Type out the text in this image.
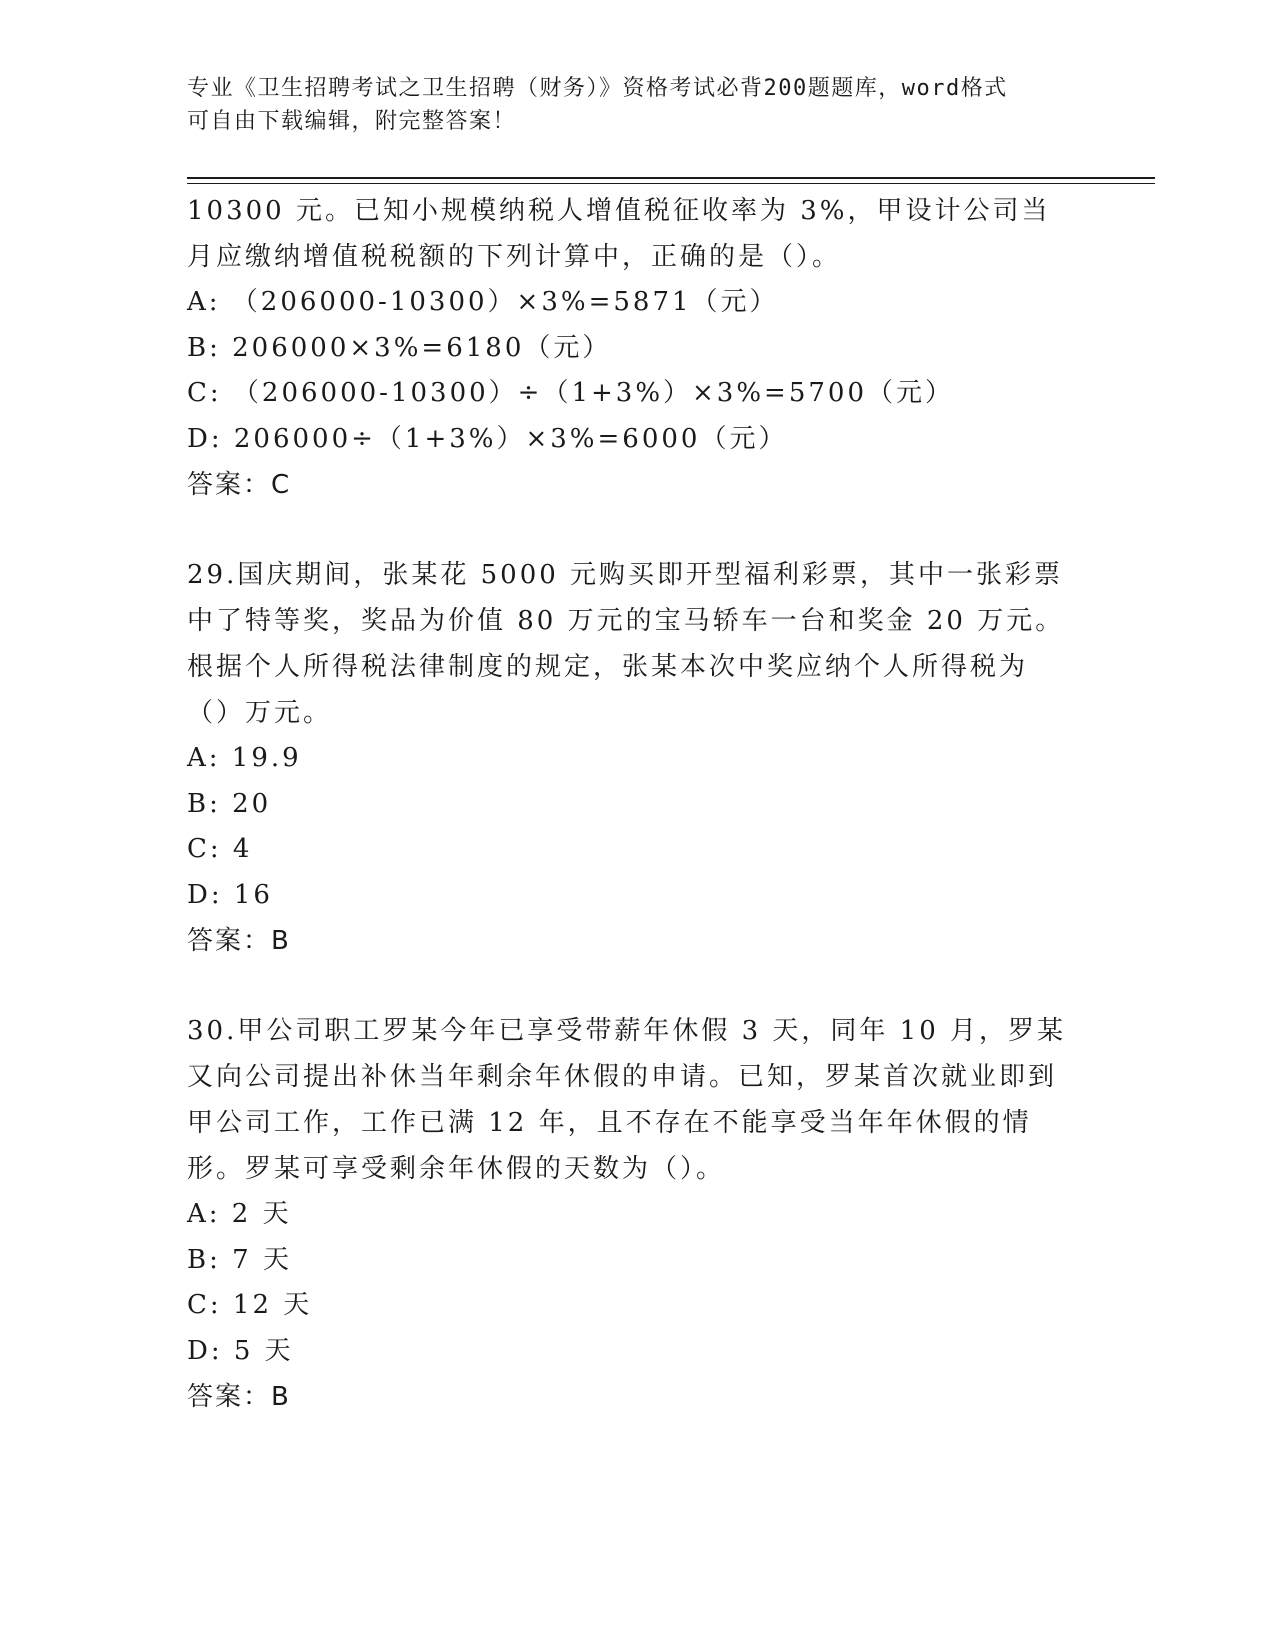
专业《卫生招聘考试之卫生招聘（财务）》资格考试必背200题题库，word格式
可自由下载编辑，附完整答案！

10300 元。已知小规模纳税人增值税征收率为 3%，甲设计公司当月应缴纳增值税税额的下列计算中，正确的是（）。

A: （206000-10300）×3%=5871（元）

B: 206000×3%=6180（元）

C: （206000-10300）÷（1+3%）×3%=5700（元）

D: 206000÷（1+3%）×3%=6000（元）

答案：C

29.国庆期间，张某花 5000 元购买即开型福利彩票，其中一张彩票中了特等奖，奖品为价值 80 万元的宝马轿车一台和奖金 20 万元。根据个人所得税法律制度的规定，张某本次中奖应纳个人所得税为（）万元。

A: 19.9

B: 20

C: 4

D: 16

答案：B

30.甲公司职工罗某今年已享受带薪年休假 3 天，同年 10 月，罗某又向公司提出补休当年剩余年休假的申请。已知，罗某首次就业即到甲公司工作，工作已满 12 年，且不存在不能享受当年年休假的情形。罗某可享受剩余年休假的天数为（）。

A: 2 天

B: 7 天

C: 12 天

D: 5 天

答案：B
